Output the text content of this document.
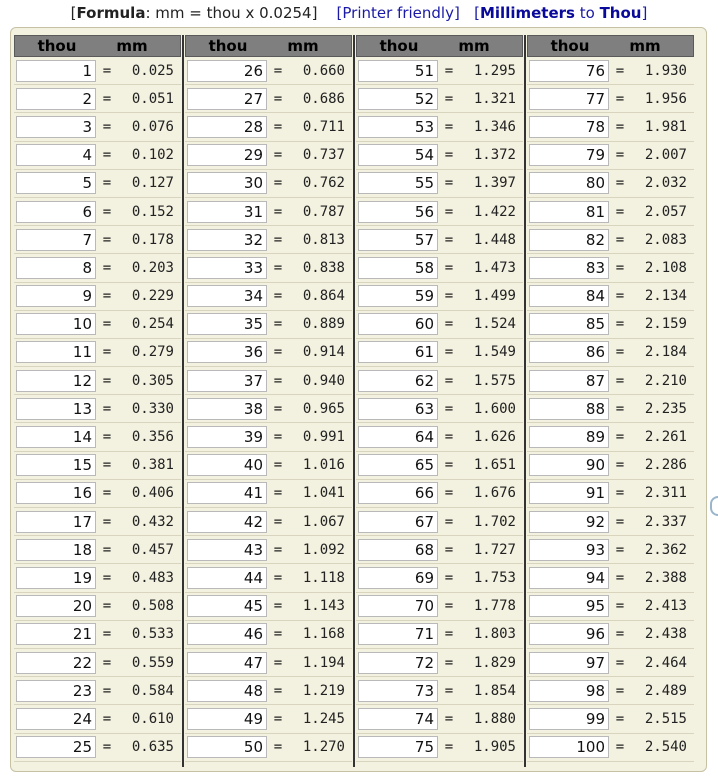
[Formula: mm = thou x 0.0254] [Printer friendly] [Millimeters to Thou]
thou	mm
1 =	0.025
2 =	0.051
3 =	0.076
4 =	0.102
5 =	0.127
6 =	0.152
7 =	0.178
8 =	0.203
9 =	0.229
10 =	0.254
11 =	0.279
12 =	0.305
13 =	0.330
14 =	0.356
15 =	0.381
16 =	0.406
17 =	0.432
18 =	0.457
19 =	0.483
20 =	0.508
21 =	0.533
22 =	0.559
23 =	0.584
24 =	0.610
25 =	0.635
thou	mm
26 =	0.660
27 =	0.686
28 =	0.711
29 =	0.737
30 =	0.762
31 =	0.787
32 =	0.813
33 =	0.838
34 =	0.864
35 =	0.889
36 =	0.914
37 =	0.940
38 =	0.965
39 =	0.991
40 =	1.016
41 =	1.041
42 =	1.067
43 =	1.092
44 =	1.118
45 =	1.143
46 =	1.168
47 =	1.194
48 =	1.219
49 =	1.245
50 =	1.270
thou	mm
51 =	1.295
52 =	1.321
53 =	1.346
54 =	1.372
55 =	1.397
56 =	1.422
57 =	1.448
58 =	1.473
59 =	1.499
60 =	1.524
61 =	1.549
62 =	1.575
63 =	1.600
64 =	1.626
65 =	1.651
66 =	1.676
67 =	1.702
68 =	1.727
69 =	1.753
70 =	1.778
71 =	1.803
72 =	1.829
73 =	1.854
74 =	1.880
75 =	1.905
thou	mm
76 =	1.930
77 =	1.956
78 =	1.981
79 =	2.007
80 =	2.032
81 =	2.057
82 =	2.083
83 =	2.108
84 =	2.134
85 =	2.159
86 =	2.184
87 =	2.210
88 =	2.235
89 =	2.261
90 =	2.286
91 =	2.311
92 =	2.337
93 =	2.362
94 =	2.388
95 =	2.413
96 =	2.438
97 =	2.464
98 =	2.489
99 =	2.515
100 =	2.540
